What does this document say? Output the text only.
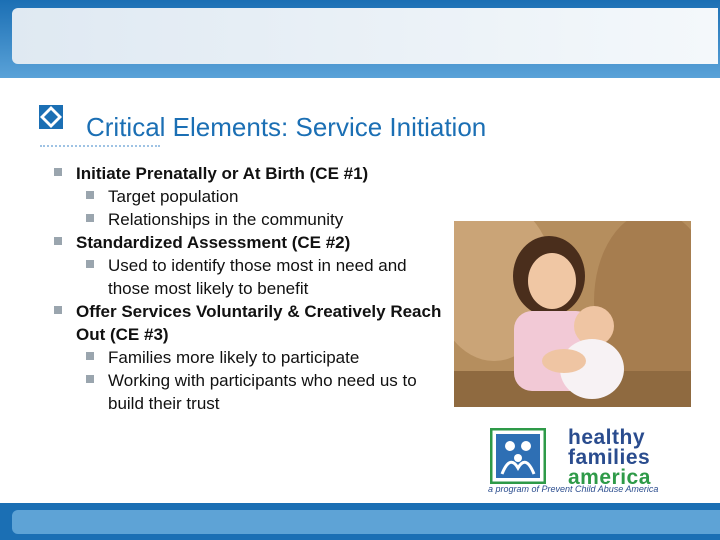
Critical Elements: Service Initiation
Initiate Prenatally or At Birth (CE #1)
Target population
Relationships in the community
Standardized Assessment (CE #2)
Used to identify those most in need and those most likely to benefit
Offer Services Voluntarily & Creatively Reach Out (CE #3)
Families more likely to participate
Working with participants who need us to build their trust

healthy

families

america

a program of Prevent Child Abuse America
